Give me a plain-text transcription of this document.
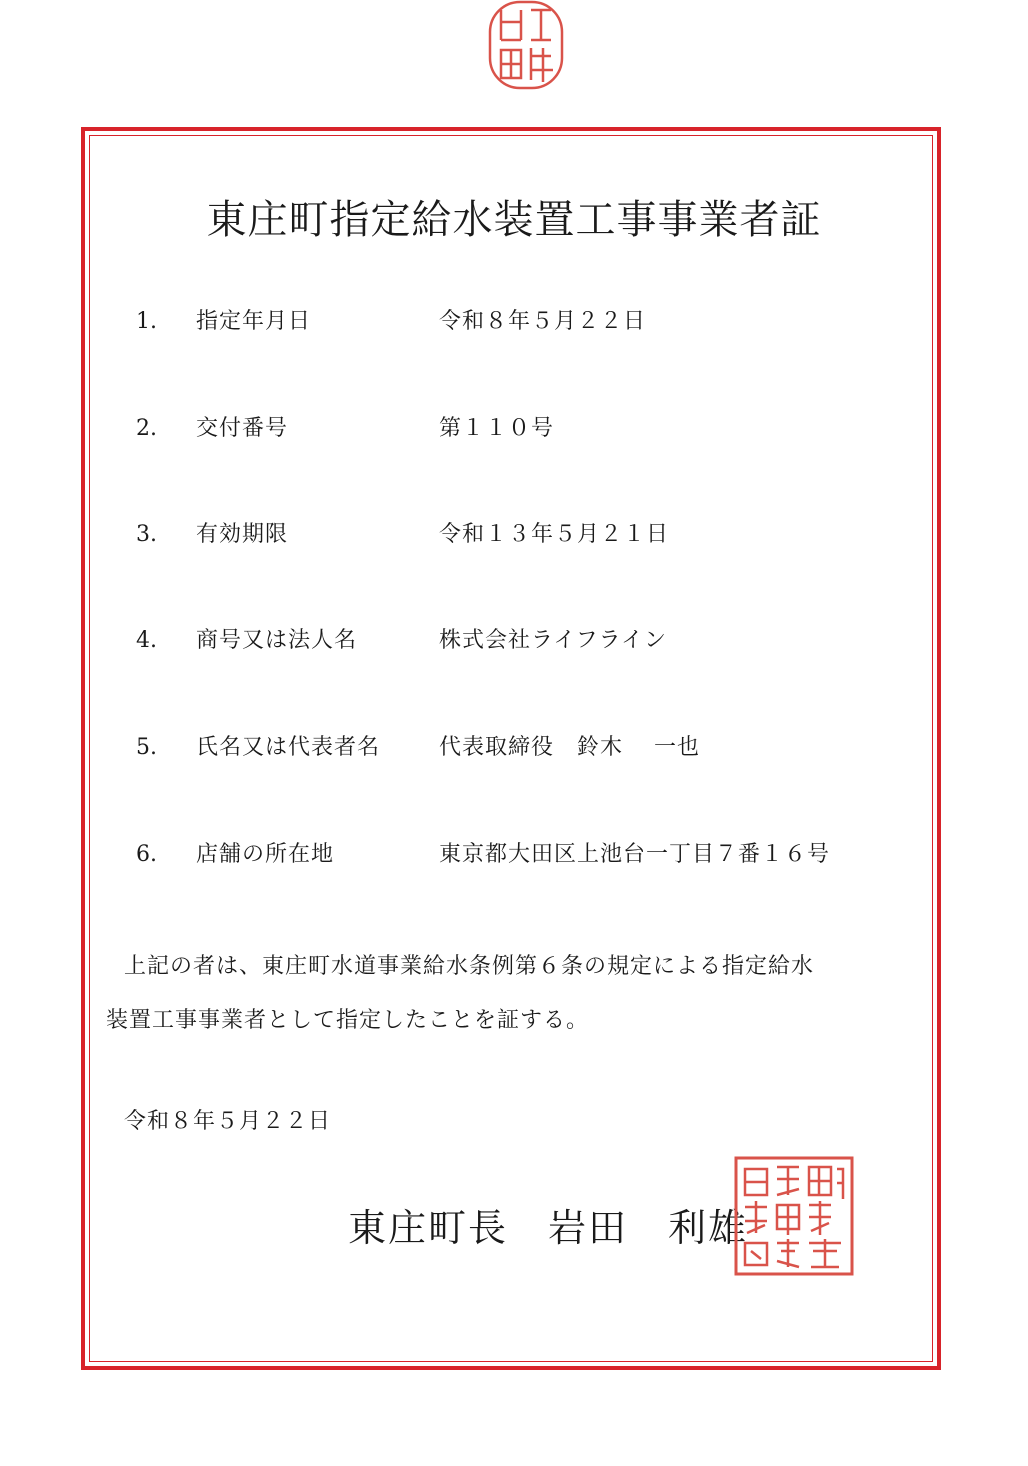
東庄町指定給水装置工事事業者証
1. 指定年月日	令和８年５月２２日
2. 交付番号	第１１０号
3. 有効期限	令和１３年５月２１日
4. 商号又は法人名	株式会社ライフライン
5. 氏名又は代表者名	代表取締役　鈴木　 一也
6. 店舗の所在地	東京都大田区上池台一丁目７番１６号

上記の者は、東庄町水道事業給水条例第６条の規定による指定給水

装置工事事業者として指定したことを証する。

令和８年５月２２日
東庄町長　岩田　利雄
